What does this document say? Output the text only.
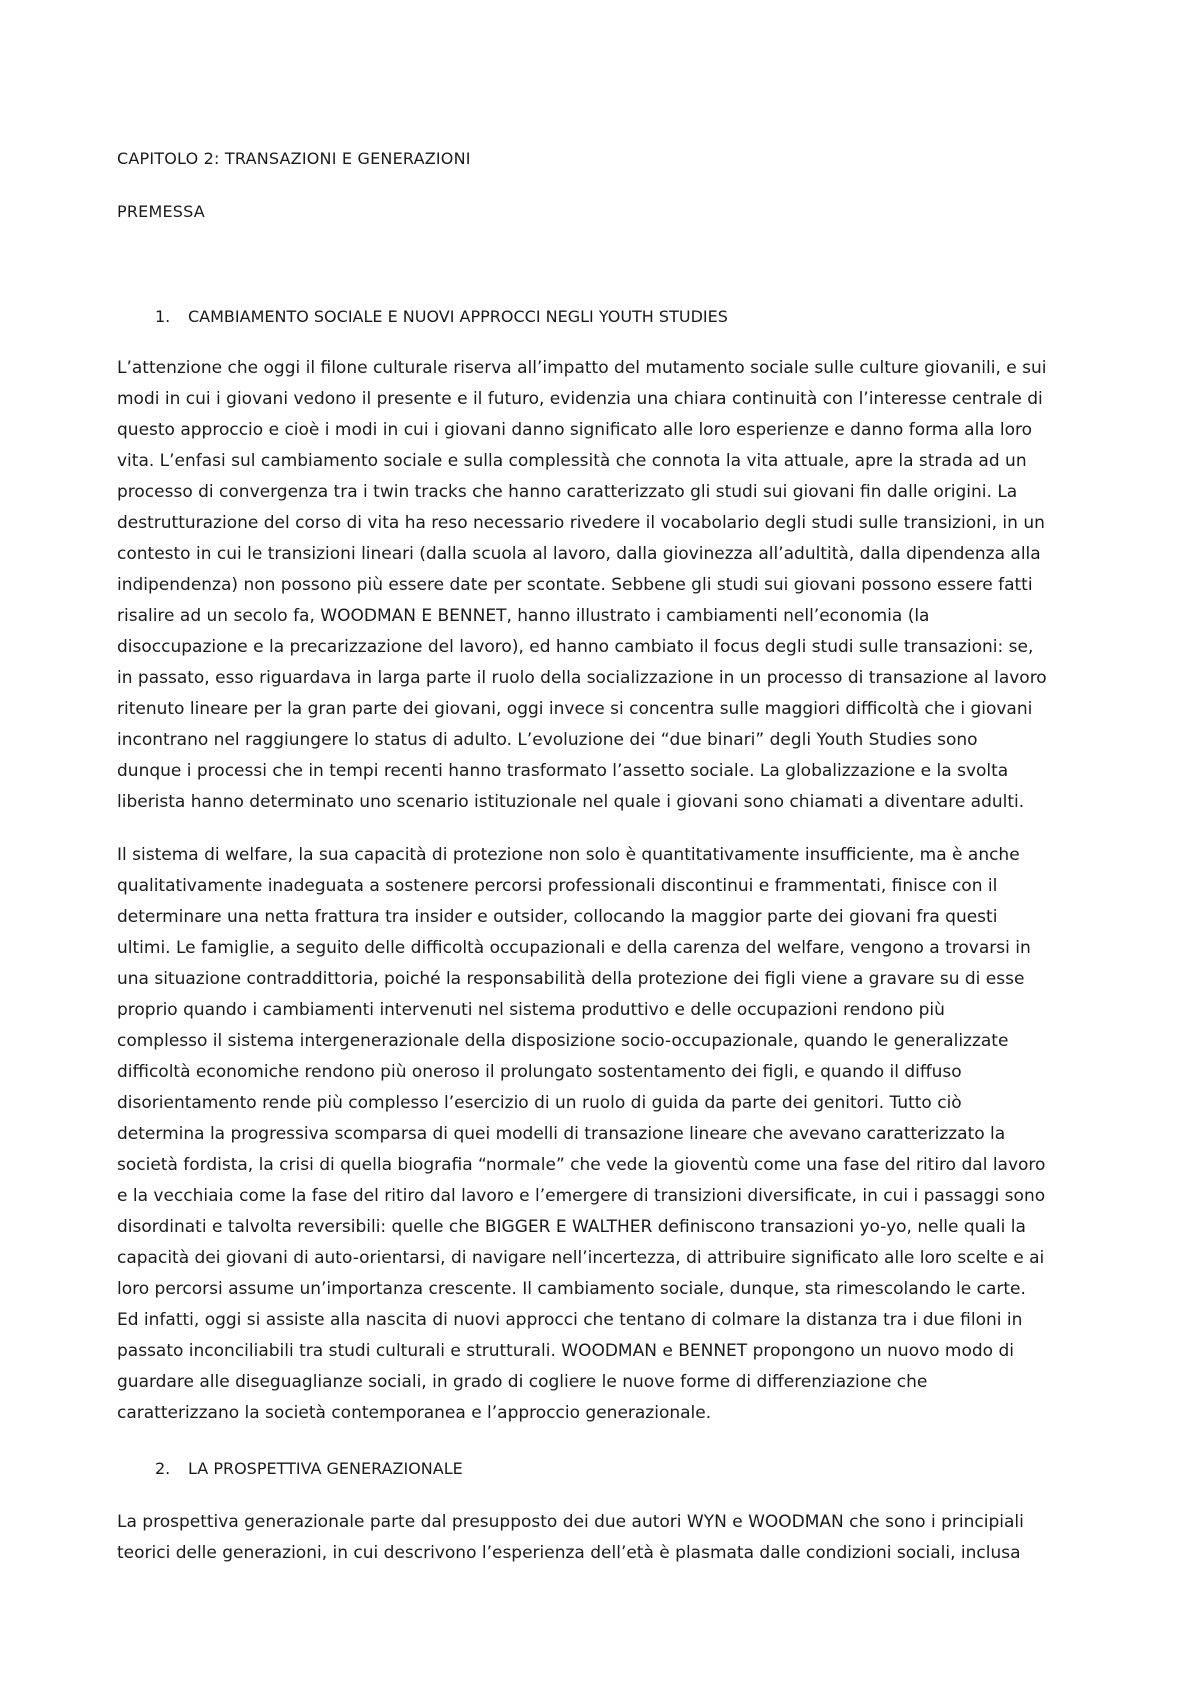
CAPITOLO 2: TRANSAZIONI E GENERAZIONI
PREMESSA
1. CAMBIAMENTO SOCIALE E NUOVI APPROCCI NEGLI YOUTH STUDIES
L’attenzione che oggi il filone culturale riserva all’impatto del mutamento sociale sulle culture giovanili, e sui
modi in cui i giovani vedono il presente e il futuro, evidenzia una chiara continuità con l’interesse centrale di
questo approccio e cioè i modi in cui i giovani danno significato alle loro esperienze e danno forma alla loro
vita. L’enfasi sul cambiamento sociale e sulla complessità che connota la vita attuale, apre la strada ad un
processo di convergenza tra i twin tracks che hanno caratterizzato gli studi sui giovani fin dalle origini. La
destrutturazione del corso di vita ha reso necessario rivedere il vocabolario degli studi sulle transizioni, in un
contesto in cui le transizioni lineari (dalla scuola al lavoro, dalla giovinezza all’adultità, dalla dipendenza alla
indipendenza) non possono più essere date per scontate. Sebbene gli studi sui giovani possono essere fatti
risalire ad un secolo fa, WOODMAN E BENNET, hanno illustrato i cambiamenti nell’economia (la
disoccupazione e la precarizzazione del lavoro), ed hanno cambiato il focus degli studi sulle transazioni: se,
in passato, esso riguardava in larga parte il ruolo della socializzazione in un processo di transazione al lavoro
ritenuto lineare per la gran parte dei giovani, oggi invece si concentra sulle maggiori difficoltà che i giovani
incontrano nel raggiungere lo status di adulto. L’evoluzione dei “due binari” degli Youth Studies sono
dunque i processi che in tempi recenti hanno trasformato l’assetto sociale. La globalizzazione e la svolta
liberista hanno determinato uno scenario istituzionale nel quale i giovani sono chiamati a diventare adulti.
Il sistema di welfare, la sua capacità di protezione non solo è quantitativamente insufficiente, ma è anche
qualitativamente inadeguata a sostenere percorsi professionali discontinui e frammentati, finisce con il
determinare una netta frattura tra insider e outsider, collocando la maggior parte dei giovani fra questi
ultimi. Le famiglie, a seguito delle difficoltà occupazionali e della carenza del welfare, vengono a trovarsi in
una situazione contraddittoria, poiché la responsabilità della protezione dei figli viene a gravare su di esse
proprio quando i cambiamenti intervenuti nel sistema produttivo e delle occupazioni rendono più
complesso il sistema intergenerazionale della disposizione socio-occupazionale, quando le generalizzate
difficoltà economiche rendono più oneroso il prolungato sostentamento dei figli, e quando il diffuso
disorientamento rende più complesso l’esercizio di un ruolo di guida da parte dei genitori. Tutto ciò
determina la progressiva scomparsa di quei modelli di transazione lineare che avevano caratterizzato la
società fordista, la crisi di quella biografia “normale” che vede la gioventù come una fase del ritiro dal lavoro
e la vecchiaia come la fase del ritiro dal lavoro e l’emergere di transizioni diversificate, in cui i passaggi sono
disordinati e talvolta reversibili: quelle che BIGGER E WALTHER definiscono transazioni yo-yo, nelle quali la
capacità dei giovani di auto-orientarsi, di navigare nell’incertezza, di attribuire significato alle loro scelte e ai
loro percorsi assume un’importanza crescente. Il cambiamento sociale, dunque, sta rimescolando le carte.
Ed infatti, oggi si assiste alla nascita di nuovi approcci che tentano di colmare la distanza tra i due filoni in
passato inconciliabili tra studi culturali e strutturali. WOODMAN e BENNET propongono un nuovo modo di
guardare alle diseguaglianze sociali, in grado di cogliere le nuove forme di differenziazione che
caratterizzano la società contemporanea e l’approccio generazionale.
2. LA PROSPETTIVA GENERAZIONALE
La prospettiva generazionale parte dal presupposto dei due autori WYN e WOODMAN che sono i principiali
teorici delle generazioni, in cui descrivono l’esperienza dell’età è plasmata dalle condizioni sociali, inclusa
